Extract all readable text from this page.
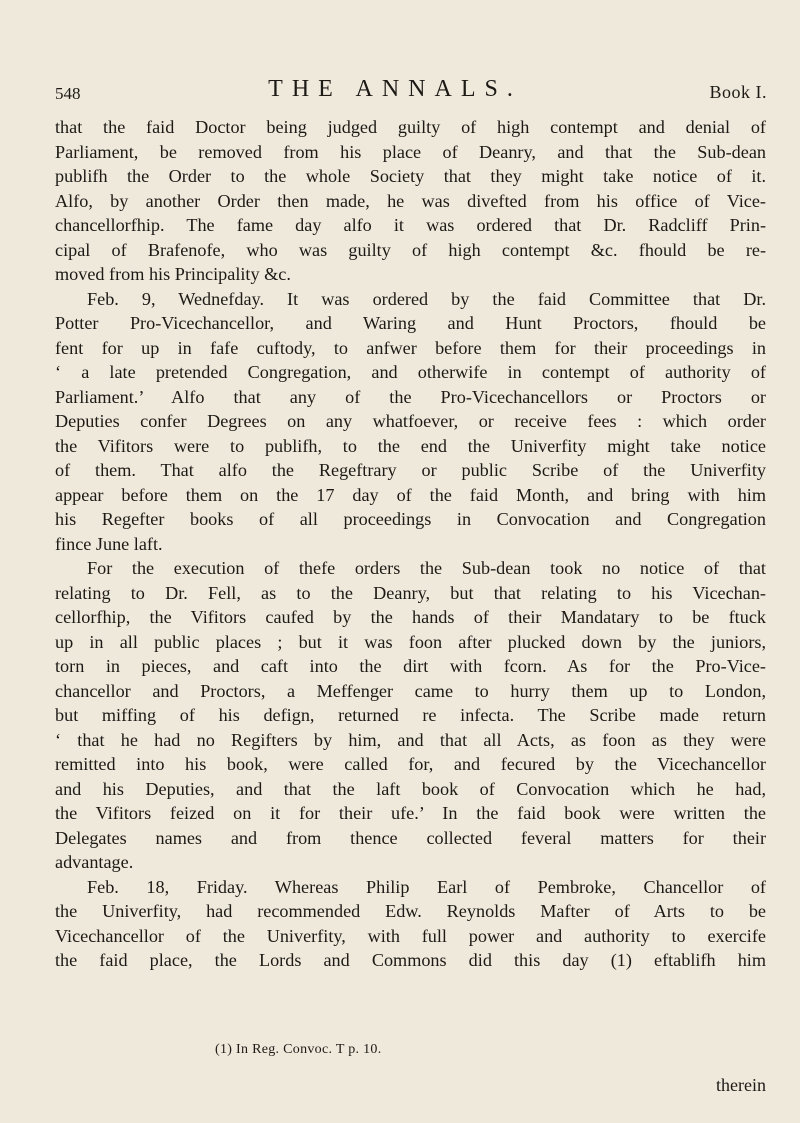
548	THE ANNALS.	Book I.
that the faid Doctor being judged guilty of high contempt and denial of
Parliament, be removed from his place of Deanry, and that the Sub-dean
publifh the Order to the whole Society that they might take notice of it.
Alfo, by another Order then made, he was divefted from his office of Vice-
chancellorfhip. The fame day alfo it was ordered that Dr. Radcliff Prin-
cipal of Brafenofe, who was guilty of high contempt &c. fhould be re-
moved from his Principality &c.
Feb. 9, Wednefday. It was ordered by the faid Committee that Dr.
Potter Pro-Vicechancellor, and Waring and Hunt Proctors, fhould be
fent for up in fafe cuftody, to anfwer before them for their proceedings in
‘ a late pretended Congregation, and otherwife in contempt of authority of
Parliament.’ Alfo that any of the Pro-Vicechancellors or Proctors or
Deputies confer Degrees on any whatfoever, or receive fees : which order
the Vifitors were to publifh, to the end the Univerfity might take notice
of them. That alfo the Regeftrary or public Scribe of the Univerfity
appear before them on the 17 day of the faid Month, and bring with him
his Regefter books of all proceedings in Convocation and Congregation
fince June laft.
For the execution of thefe orders the Sub-dean took no notice of that
relating to Dr. Fell, as to the Deanry, but that relating to his Vicechan-
cellorfhip, the Vifitors caufed by the hands of their Mandatary to be ftuck
up in all public places ; but it was foon after plucked down by the juniors,
torn in pieces, and caft into the dirt with fcorn. As for the Pro-Vice-
chancellor and Proctors, a Meffenger came to hurry them up to London,
but miffing of his defign, returned re infecta. The Scribe made return
‘ that he had no Regifters by him, and that all Acts, as foon as they were
remitted into his book, were called for, and fecured by the Vicechancellor
and his Deputies, and that the laft book of Convocation which he had,
the Vifitors feized on it for their ufe.’ In the faid book were written the
Delegates names and from thence collected feveral matters for their
advantage.
Feb. 18, Friday. Whereas Philip Earl of Pembroke, Chancellor of
the Univerfity, had recommended Edw. Reynolds Mafter of Arts to be
Vicechancellor of the Univerfity, with full power and authority to exercife
the faid place, the Lords and Commons did this day (1) eftablifh him
(1) In Reg. Convoc. T p. 10.
therein
